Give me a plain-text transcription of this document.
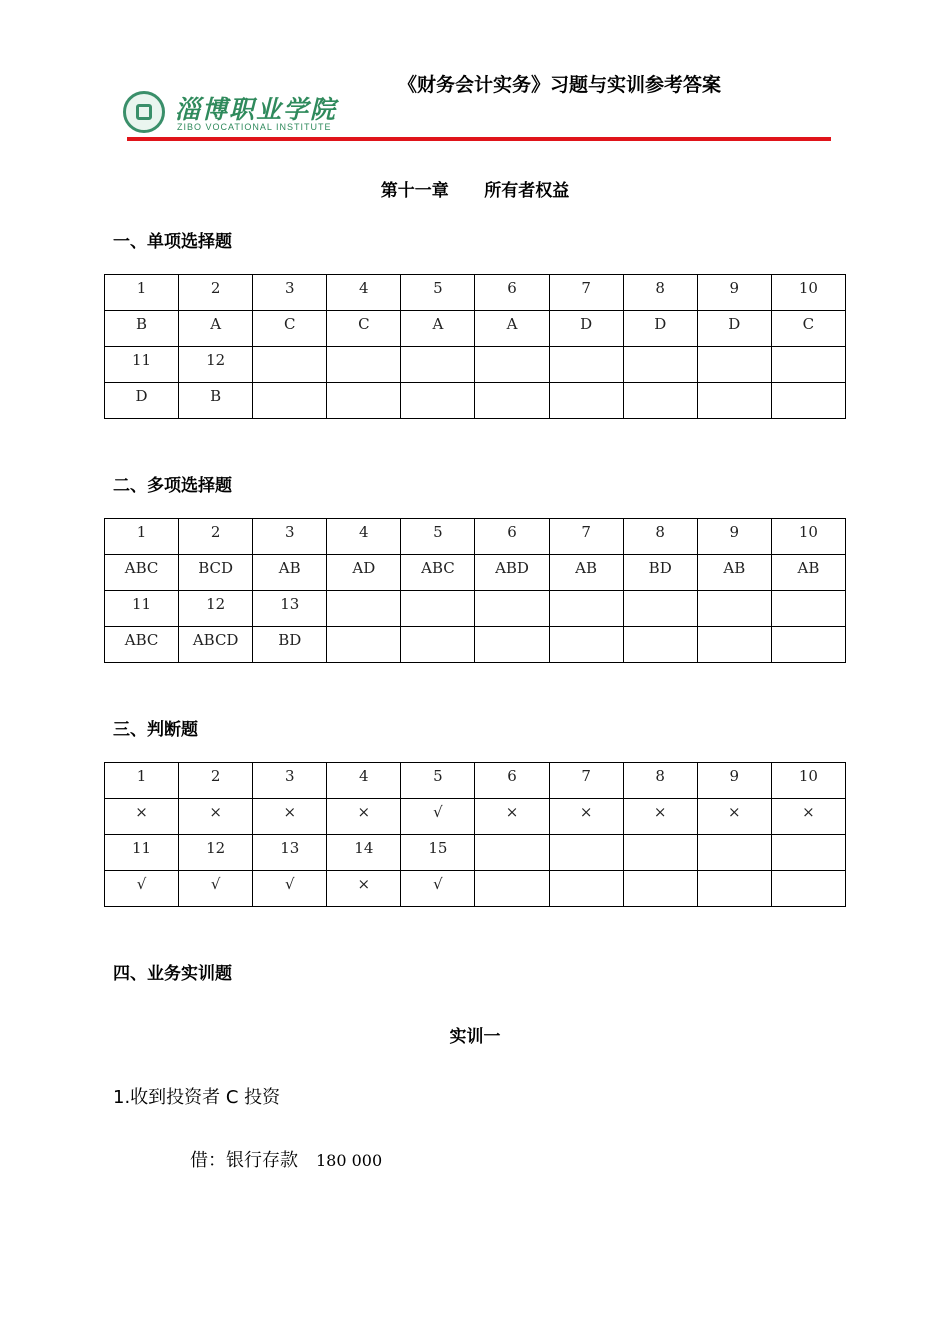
《财务会计实务》习题与实训参考答案
淄博职业学院
ZIBO VOCATIONAL INSTITUTE
第十一章      所有者权益
一、单项选择题
1	2	3	4	5	6	7	8	9	10
B	A	C	C	A	A	D	D	D	C
11	12								
D	B								
二、多项选择题
1	2	3	4	5	6	7	8	9	10
ABC	BCD	AB	AD	ABC	ABD	AB	BD	AB	AB
11	12	13							
ABC	ABCD	BD							
三、判断题
1	2	3	4	5	6	7	8	9	10
×	×	×	×	√	×	×	×	×	×
11	12	13	14	15					
√	√	√	×	√					
四、业务实训题
实训一
1.收到投资者 C 投资
借：银行存款 180 000
